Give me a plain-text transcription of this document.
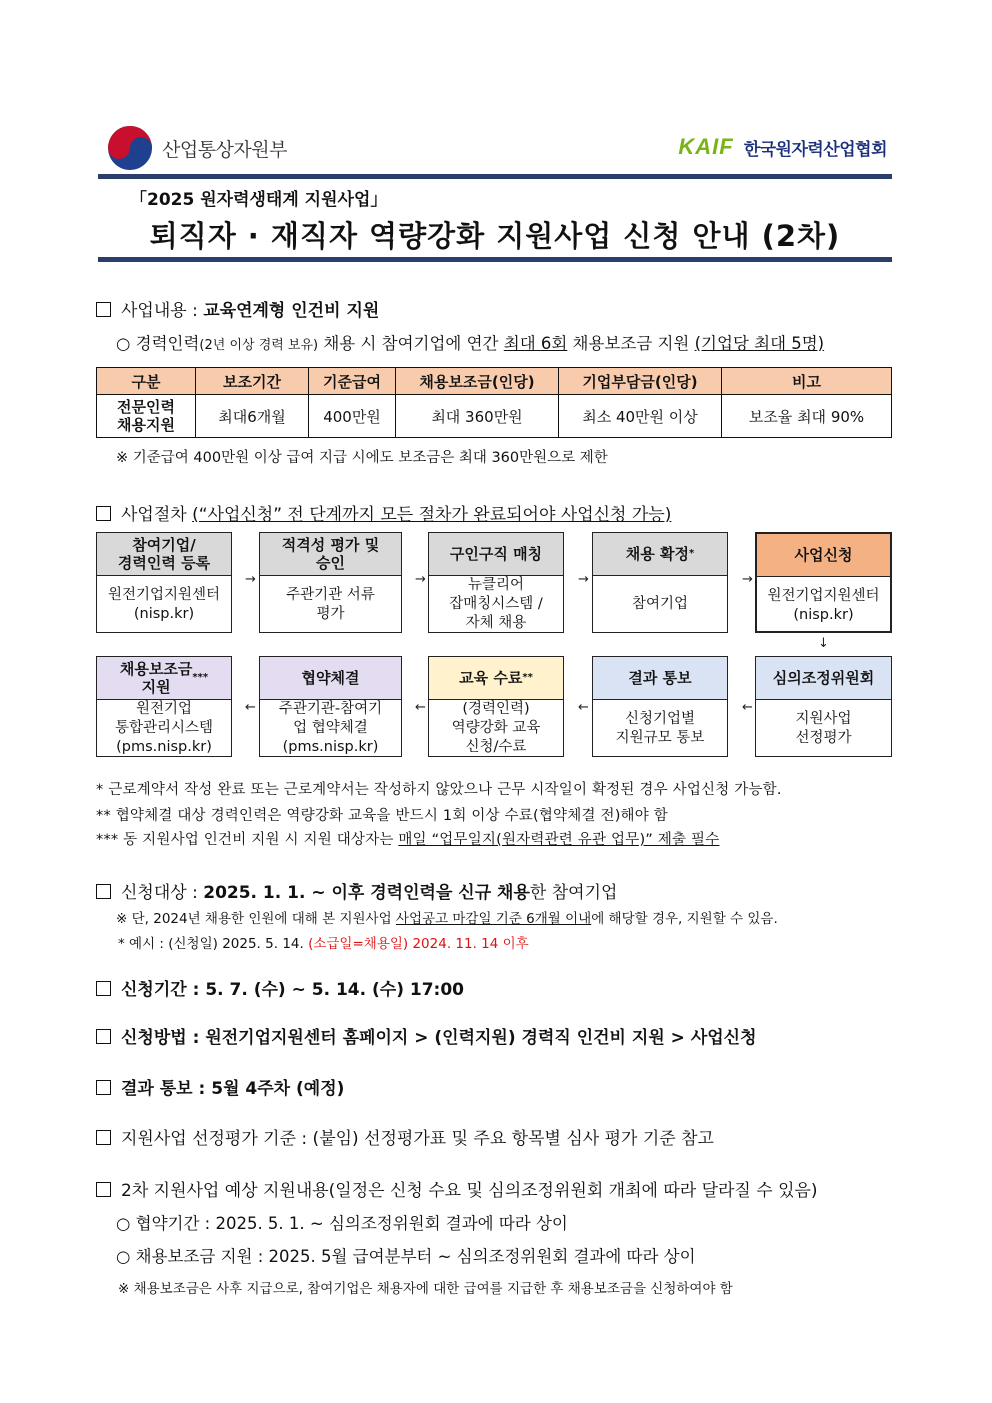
산업통상자원부	KAIF 한국원자력산업협회
「2025 원자력생태계 지원사업」
퇴직자 · 재직자 역량강화 지원사업 신청 안내 (2차)
사업내용 : 교육연계형 인건비 지원
○ 경력인력(2년 이상 경력 보유) 채용 시 참여기업에 연간 최대 6회 채용보조금 지원 (기업당 최대 5명)
구분	보조기간	기준급여	채용보조금(인당)	기업부담금(인당)	비고
전문인력
채용지원	최대6개월	400만원	최대 360만원	최소 40만원 이상	보조율 최대 90%
※ 기준급여 400만원 이상 급여 지급 시에도 보조금은 최대 360만원으로 제한
사업절차 (“사업신청” 전 단계까지 모든 절차가 완료되어야 사업신청 가능)
참여기업/
경력인력 등록
원전기업지원센터
(nisp.kr)
→
적격성 평가 및
승인
주관기관 서류
평가
→
구인구직 매칭
뉴클리어
잡매칭시스템 /
자체 채용
→
채용 확정 *
참여기업
→
사업신청
원전기업지원센터
(nisp.kr)
↓
채용보조금
지원
***
원전기업
통합관리시스템
(pms.nisp.kr)
←
협약체결
주관기관-참여기
업 협약체결
(pms.nisp.kr)
←
교육 수료 **
(경력인력)
역량강화 교육
신청/수료
←
결과 통보
신청기업별
지원규모 통보
←
심의조정위원회
지원사업
선정평가
* 근로계약서 작성 완료 또는 근로계약서는 작성하지 않았으나 근무 시작일이 확정된 경우 사업신청 가능함.
** 협약체결 대상 경력인력은 역량강화 교육을 반드시 1회 이상 수료(협약체결 전)해야 함
*** 동 지원사업 인건비 지원 시 지원 대상자는 매일 “업무일지(원자력관련 유관 업무)” 제출 필수
신청대상 : 2025. 1. 1. ~ 이후 경력인력을 신규 채용한 참여기업
※ 단, 2024년 채용한 인원에 대해 본 지원사업 사업공고 마감일 기준 6개월 이내에 해당할 경우, 지원할 수 있음.
* 예시 : (신청일) 2025. 5. 14. (소급일=채용일) 2024. 11. 14 이후
신청기간 : 5. 7. (수) ~ 5. 14. (수) 17:00
신청방법 : 원전기업지원센터 홈페이지 > (인력지원) 경력직 인건비 지원 > 사업신청
결과 통보 : 5월 4주차 (예정)
지원사업 선정평가 기준 : (붙임) 선정평가표 및 주요 항목별 심사 평가 기준 참고
2차 지원사업 예상 지원내용(일정은 신청 수요 및 심의조정위원회 개최에 따라 달라질 수 있음)
○ 협약기간 : 2025. 5. 1. ~ 심의조정위원회 결과에 따라 상이
○ 채용보조금 지원 : 2025. 5월 급여분부터 ~ 심의조정위원회 결과에 따라 상이
※ 채용보조금은 사후 지급으로, 참여기업은 채용자에 대한 급여를 지급한 후 채용보조금을 신청하여야 함
